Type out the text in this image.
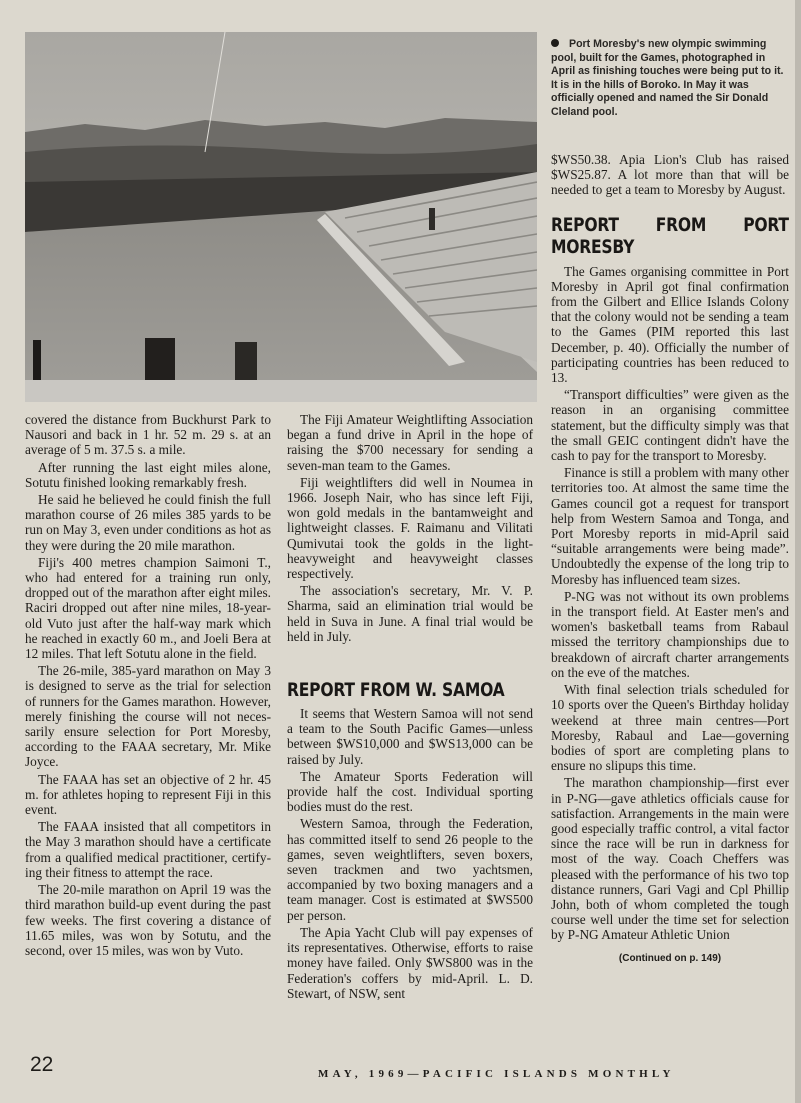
Port Moresby's new olympic swimming pool, built for the Games, photographed in April as finishing touches were being put to it. It is in the hills of Boroko. In May it was officially opened and named the Sir Donald Cleland pool.

covered the distance from Buckhurst Park to Nausori and back in 1 hr. 52 m. 29 s. at an average of 5 m. 37.5 s. a mile.

After running the last eight miles alone, Sotutu finished looking remarkably fresh.

He said he believed he could finish the full marathon course of 26 miles 385 yards to be run on May 3, even under conditions as hot as they were during the 20 mile marathon.

Fiji's 400 metres champion Saimoni T., who had entered for a training run only, dropped out of the marathon after eight miles. Raciri dropped out after nine miles, 18-year-old Vuto just after the half-way mark which he reached in exactly 60 m., and Joeli Bera at 12 miles. That left Sotutu alone in the field.

The 26-mile, 385-yard marathon on May 3 is designed to serve as the trial for selection of runners for the Games marathon. However, merely finishing the course will not necessarily ensure selection for Port Moresby, according to the FAAA secretary, Mr. Mike Joyce.

The FAAA has set an objective of 2 hr. 45 m. for athletes hoping to represent Fiji in this event.

The FAAA insisted that all competitors in the May 3 marathon should have a certificate from a qualified medical practitioner, certifying their fitness to attempt the race.

The 20-mile marathon on April 19 was the third marathon build-up event during the past few weeks. The first covering a distance of 11.65 miles, was won by Sotutu, and the second, over 15 miles, was won by Vuto.

The Fiji Amateur Weightlifting Association began a fund drive in April in the hope of raising the $700 necessary for sending a seven-man team to the Games.

Fiji weightlifters did well in Noumea in 1966. Joseph Nair, who has since left Fiji, won gold medals in the bantamweight and lightweight classes. F. Raimanu and Vilitati Qumivutai took the golds in the light-heavyweight and heavyweight classes respectively.

The association's secretary, Mr. V. P. Sharma, said an elimination trial would be held in Suva in June. A final trial would be held in July.

REPORT FROM W. SAMOA

It seems that Western Samoa will not send a team to the South Pacific Games—unless between $WS10,000 and $WS13,000 can be raised by July.

The Amateur Sports Federation will provide half the cost. Individual sporting bodies must do the rest.

Western Samoa, through the Federation, has committed itself to send 26 people to the games, seven weightlifters, seven boxers, seven trackmen and two yachtsmen, accompanied by two boxing managers and a team manager. Cost is estimated at $WS500 per person.

The Apia Yacht Club will pay expenses of its representatives. Otherwise, efforts to raise money have failed. Only $WS800 was in the Federation's coffers by mid-April. L. D. Stewart, of NSW, sent

$WS50.38. Apia Lion's Club has raised $WS25.87. A lot more than that will be needed to get a team to Moresby by August.

REPORT FROM PORT MORESBY

The Games organising committee in Port Moresby in April got final confirmation from the Gilbert and Ellice Islands Colony that the colony would not be sending a team to the Games (PIM reported this last December, p. 40). Officially the number of participating countries has been reduced to 13.

“Transport difficulties” were given as the reason in an organising committee statement, but the difficulty simply was that the small GEIC contingent didn't have the cash to pay for the transport to Moresby.

Finance is still a problem with many other territories too. At almost the same time the Games council got a request for transport help from Western Samoa and Tonga, and Port Moresby reports in mid-April said “suitable arrangements were being made”. Undoubtedly the expense of the long trip to Moresby has influenced team sizes.

P-NG was not without its own problems in the transport field. At Easter men's and women's basketball teams from Rabaul missed the territory championships due to breakdown of aircraft charter arrangements on the eve of the matches.

With final selection trials scheduled for 10 sports over the Queen's Birthday holiday weekend at three main centres—Port Moresby, Rabaul and Lae—governing bodies of sport are completing plans to ensure no slipups this time.

The marathon championship—first ever in P-NG—gave athletics officials cause for satisfaction. Arrangements in the main were good especially traffic control, a vital factor since the race will be run in darkness for most of the way. Coach Cheffers was pleased with the performance of his two top distance runners, Gari Vagi and Cpl Phillip John, both of whom completed the tough course well under the time set for selection by P-NG Amateur Athletic Union

(Continued on p. 149)
22	MAY, 1969—PACIFIC ISLANDS MONTHLY
